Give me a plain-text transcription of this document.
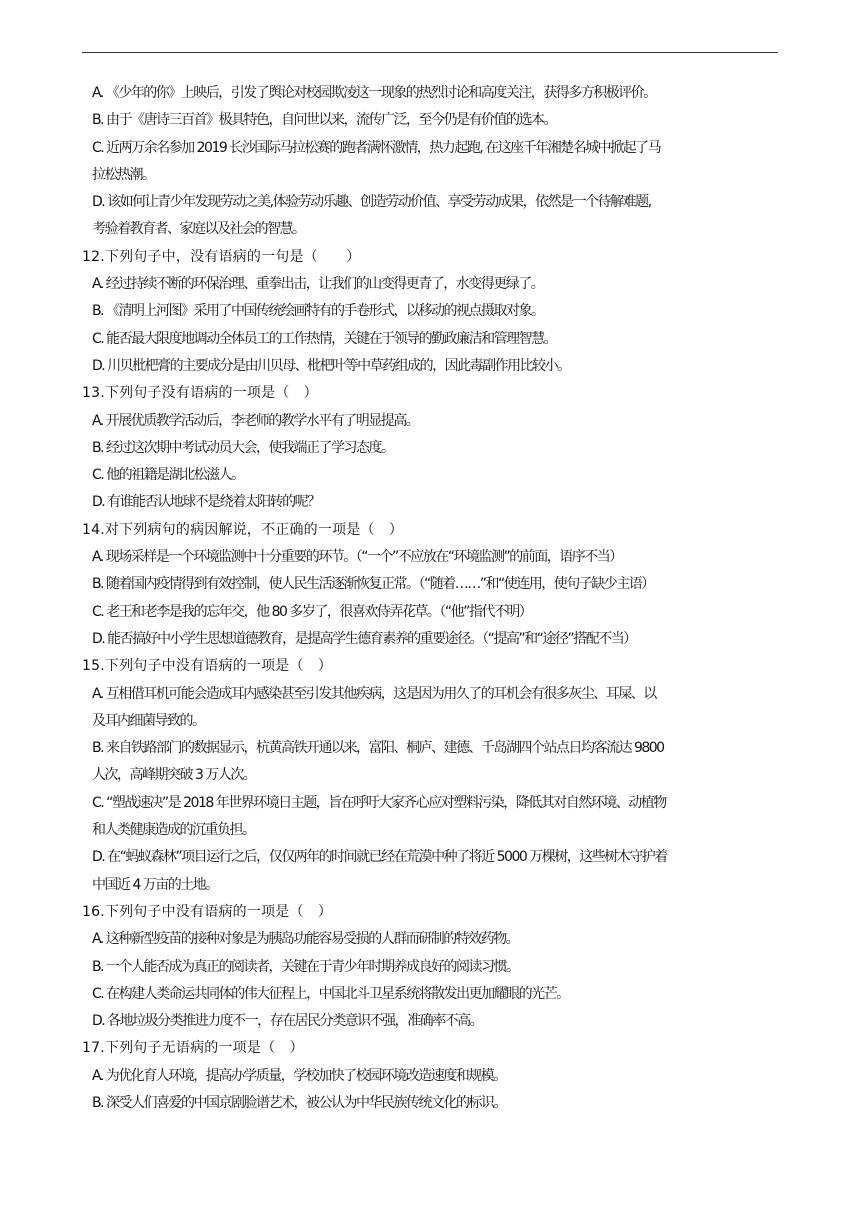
A. 《少年的你》上映后，引发了舆论对校园欺凌这一现象的热烈讨论和高度关注，获得多方积极评价。
B. 由于《唐诗三百首》极具特色，自问世以来，流传广泛，至今仍是有价值的选本。
C. 近两万余名参加 2019 长沙国际马拉松赛的跑者满怀激情，热力起跑, 在这座千年湘楚名城中掀起了马
拉松热潮。
D. 该如何让青少年发现劳动之美,体验劳动乐趣、创造劳动价值、享受劳动成果，依然是一个待解难题,
考验着教育者、家庭以及社会的智慧。
12.下列句子中，没有语病的一句是（　　）
A. 经过持续不断的环保治理、重拳出击，让我们的山变得更青了，水变得更绿了。
B. 《清明上河图》采用了中国传统绘画特有的手卷形式，以移动的视点摄取对象。
C. 能否最大限度地调动全体员工的工作热情，关键在于领导的勤政廉洁和管理智慧。
D. 川贝枇杷膏的主要成分是由川贝母、枇杷叶等中草药组成的，因此毒副作用比较小。
13.下列句子没有语病的一项是（　）
A. 开展优质教学活动后，李老师的教学水平有了明显提高。
B. 经过这次期中考试动员大会，使我端正了学习态度。
C. 他的祖籍是湖北松滋人。
D. 有谁能否认地球不是绕着太阳转的呢？
14.对下列病句的病因解说，不正确的一项是（　）
A. 现场采样是一个环境监测中十分重要的环节。（“一个”不应放在“环境监测”的前面，语序不当）
B. 随着国内疫情得到有效控制，使人民生活逐渐恢复正常。（“随着……”和“使连用，使句子缺少主语）
C. 老王和老李是我的忘年交，他 80 多岁了，很喜欢侍弄花草。（“他”指代不明）
D. 能否搞好中小学生思想道德教育，是提高学生德育素养的重要途径。（“提高”和“途径”搭配不当）
15.下列句子中没有语病的一项是（　）
A. 互相借耳机可能会造成耳内感染甚至引发其他疾病，这是因为用久了的耳机会有很多灰尘、耳屎、以
及耳内细菌导致的。
B. 来自铁路部门的数据显示，杭黄高铁开通以来，富阳、桐庐、建德、千岛湖四个站点日均客流达 9800
人次，高峰期突破 3 万人次。
C. “塑战速决”是 2018 年世界环境日主题，旨在呼吁大家齐心应对塑料污染，降低其对自然环境、动植物
和人类健康造成的沉重负担。
D. 在“蚂蚁森林”项目运行之后，仅仅两年的时间就已经在荒漠中种了将近 5000 万棵树，这些树木守护着
中国近 4 万亩的土地。
16.下列句子中没有语病的一项是（　）
A. 这种新型疫苗的接种对象是为胰岛功能容易受损的人群而研制的特效药物。
B. 一个人能否成为真正的阅读者，关键在于青少年时期养成良好的阅读习惯。
C. 在构建人类命运共同体的伟大征程上，中国北斗卫星系统将散发出更加耀眼的光芒。
D. 各地垃圾分类推进力度不一，存在居民分类意识不强，准确率不高。
17.下列句子无语病的一项是（　）
A. 为优化育人环境，提高办学质量，学校加快了校园环境改造速度和规模。
B. 深受人们喜爱的中国京剧脸谱艺术，被公认为中华民族传统文化的标识。
